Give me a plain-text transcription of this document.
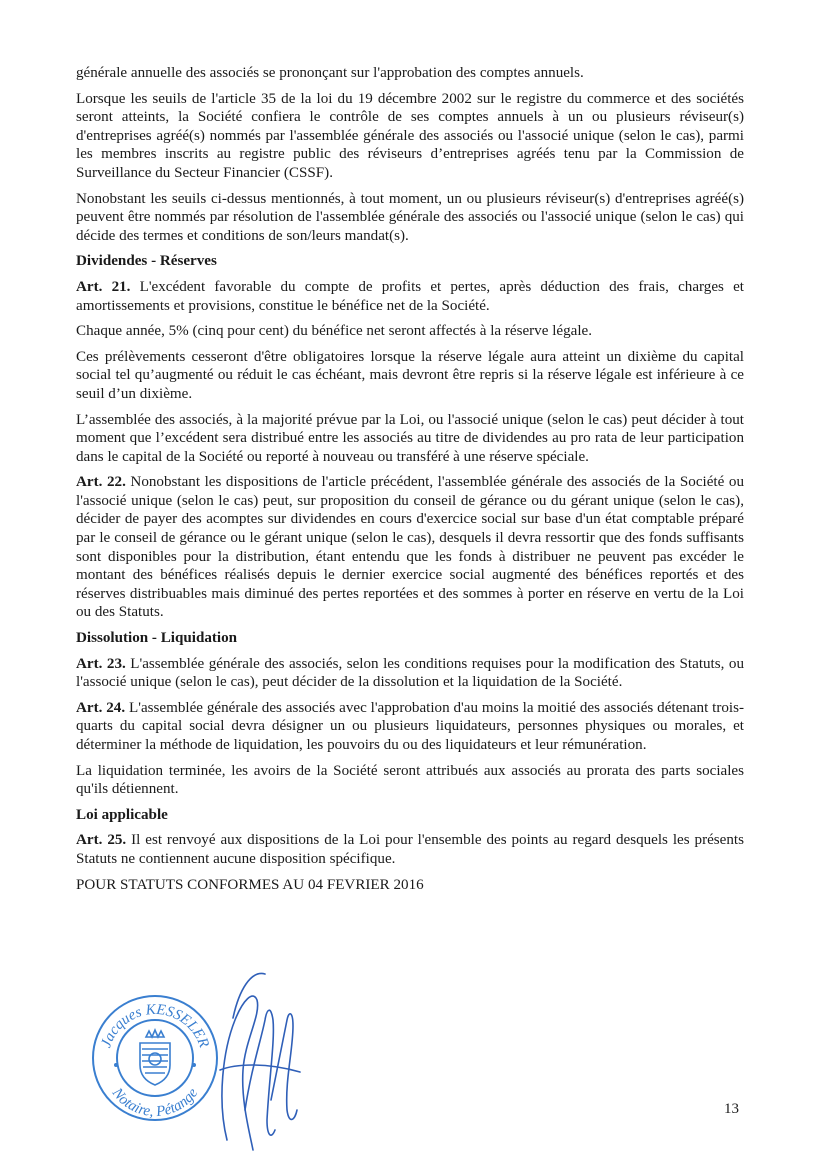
générale annuelle des associés se prononçant sur l'approbation des comptes annuels.

Lorsque les seuils de l'article 35 de la loi du 19 décembre 2002 sur le registre du commerce et des sociétés seront atteints, la Société confiera le contrôle de ses comptes annuels à un ou plusieurs réviseur(s) d'entreprises agréé(s) nommés par l'assemblée générale des associés ou l'associé unique (selon le cas), parmi les membres inscrits au registre public des réviseurs d’entreprises agréés tenu par la Commission de Surveillance du Secteur Financier (CSSF).

Nonobstant les seuils ci-dessus mentionnés, à tout moment, un ou plusieurs réviseur(s) d'entreprises agréé(s) peuvent être nommés par résolution de l'assemblée générale des associés ou l'associé unique (selon le cas) qui décide des termes et conditions de son/leurs mandat(s).

Dividendes - Réserves

Art. 21. L'excédent favorable du compte de profits et pertes, après déduction des frais, charges et amortissements et provisions, constitue le bénéfice net de la Société.

Chaque année, 5% (cinq pour cent) du bénéfice net seront affectés à la réserve légale.

Ces prélèvements cesseront d'être obligatoires lorsque la réserve légale aura atteint un dixième du capital social tel qu’augmenté ou réduit le cas échéant, mais devront être repris si la réserve légale est inférieure à ce seuil d’un dixième.

L’assemblée des associés, à la majorité prévue par la Loi, ou l'associé unique (selon le cas) peut décider à tout moment que l’excédent sera distribué entre les associés au titre de dividendes au pro rata de leur participation dans le capital de la Société ou reporté à nouveau ou transféré à une réserve spéciale.

Art. 22. Nonobstant les dispositions de l'article précédent, l'assemblée générale des associés de la Société ou l'associé unique (selon le cas) peut, sur proposition du conseil de gérance ou du gérant unique (selon le cas), décider de payer des acomptes sur dividendes en cours d'exercice social sur base d'un état comptable préparé par le conseil de gérance ou le gérant unique (selon le cas), desquels il devra ressortir que des fonds suffisants sont disponibles pour la distribution, étant entendu que les fonds à distribuer ne peuvent pas excéder le montant des bénéfices réalisés depuis le dernier exercice social augmenté des bénéfices reportés et des réserves distribuables mais diminué des pertes reportées et des sommes à porter en réserve en vertu de la Loi ou des Statuts.

Dissolution - Liquidation

Art. 23. L'assemblée générale des associés, selon les conditions requises pour la modification des Statuts, ou l'associé unique (selon le cas), peut décider de la dissolution et la liquidation de la Société.

Art. 24. L'assemblée générale des associés avec l'approbation d'au moins la moitié des associés détenant trois-quarts du capital social devra désigner un ou plusieurs liquidateurs, personnes physiques ou morales, et déterminer la méthode de liquidation, les pouvoirs du ou des liquidateurs et leur rémunération.

La liquidation terminée, les avoirs de la Société seront attribués aux associés au prorata des parts sociales qu'ils détiennent.

Loi applicable

Art. 25. Il est renvoyé aux dispositions de la Loi pour l'ensemble des points au regard desquels les présents Statuts ne contiennent aucune disposition spécifique.

POUR STATUTS CONFORMES AU 04 FEVRIER 2016

Jacques KESSELER
Notaire, Pétange
13
